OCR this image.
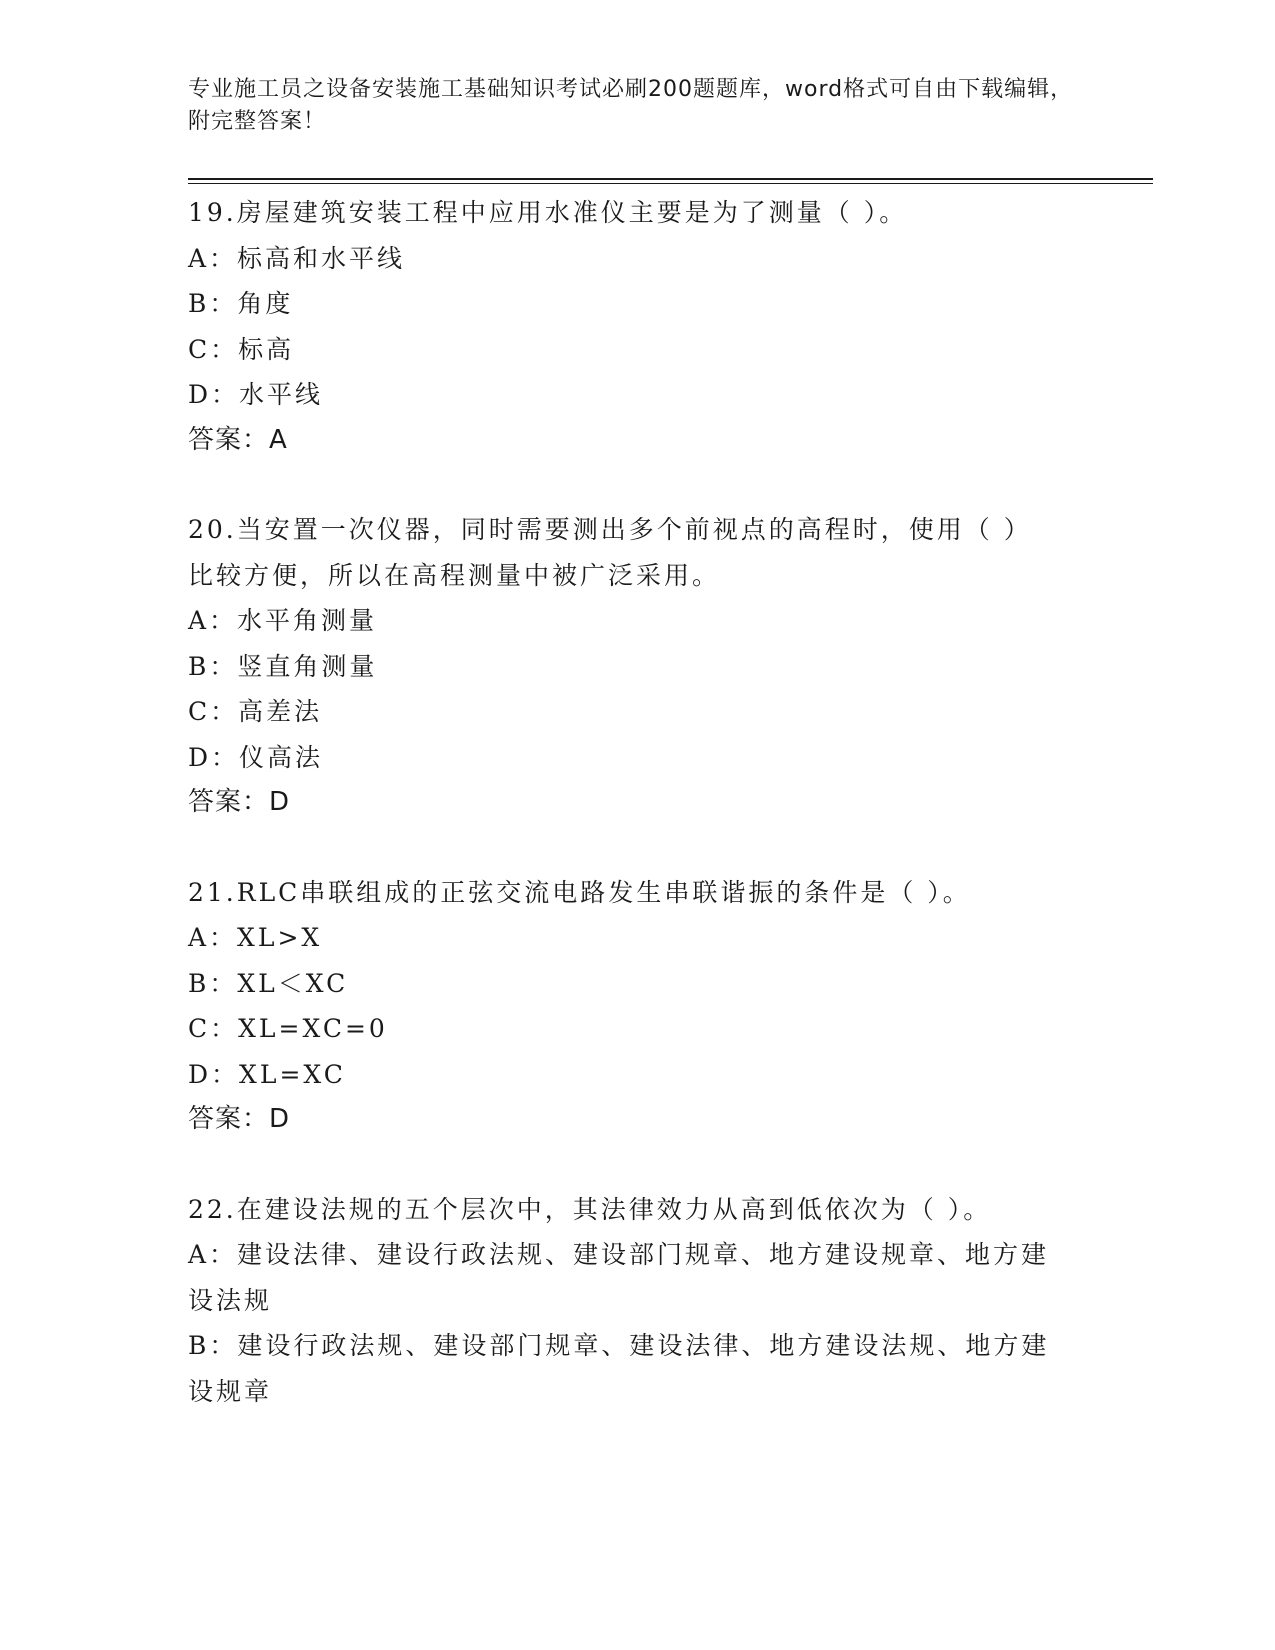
专业施工员之设备安装施工基础知识考试必刷200题题库，word格式可自由下载编辑，附完整答案！

19.房屋建筑安装工程中应用水准仪主要是为了测量（ ）。

A：标高和水平线

B：角度

C：标高

D：水平线

答案：A

20.当安置一次仪器，同时需要测出多个前视点的高程时，使用（ ）

比较方便，所以在高程测量中被广泛采用。

A：水平角测量

B：竖直角测量

C：高差法

D：仪高法

答案：D

21.RLC串联组成的正弦交流电路发生串联谐振的条件是（ ）。

A：XL>X

B：XL＜XC

C：XL=XC=0

D：XL=XC

答案：D

22.在建设法规的五个层次中，其法律效力从高到低依次为（ ）。

A：建设法律、建设行政法规、建设部门规章、地方建设规章、地方建

设法规

B：建设行政法规、建设部门规章、建设法律、地方建设法规、地方建

设规章
